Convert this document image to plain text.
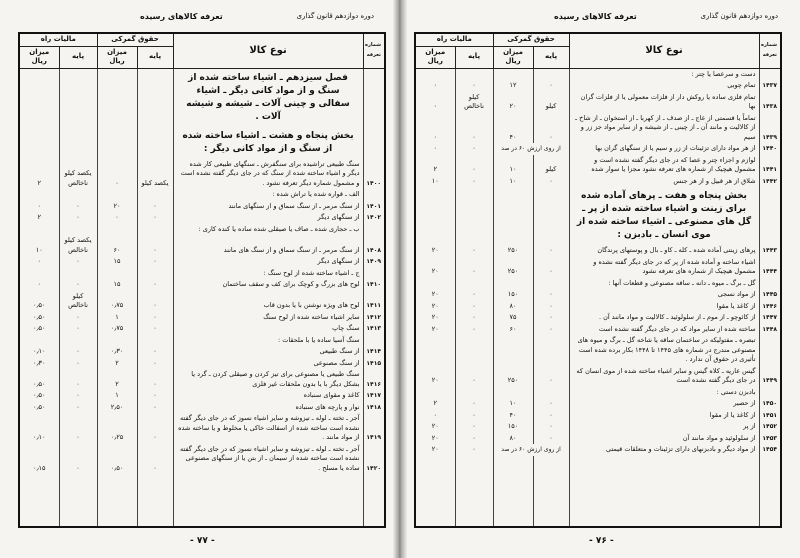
دوره دوازدهم قانون گذاری
تعرفه کالاهای رسیده
شماره تعرفه	نوع کالا	حقوق گمرکی		مالیات راه	
		پایه	میزان ریال	پایه	میزان ریال
	فصل سیزدهم ـ اشیاء ساخته شده از سنگ و از مواد کانی دیگر ـ اشیاء سفالی و چینی آلات ـ شیشه و شیشه آلات .				
	بخش پنجاه و هشت ـ اشیاء ساخته شده از سنگ و از مواد کانی دیگر :				
۱۴۰۰	سنگ طبیعی تراشیده برای سنگفرش ـ سنگهای طبیعی کار شده دیگر و اشیاء ساخته شده از سنگ که در جای دیگر گفته نشده است و مشمول شماره دیگر تعرفه نشود .	یکصد کیلو	۰	یکصد کیلو ناخالص	۲
	الف ـ قواره شده یا تراش شده :				
۱۴۰۱	از سنگ مرمر ـ از سنگ سماق و از سنگهای مانند	۰	۲۰	۰	۰
۱۴۰۲	از سنگهای دیگر	۰	۰	۰	۲
	ب ـ حجاری شده ـ صاف یا صیقلی شده ساده یا کنده کاری :				
۱۴۰۸	از سنگ مرمر ـ از سنگ سماق و از سنگ های مانند	۰	۶۰	یکصد کیلو ناخالص	۱۰
۱۴۰۹	از سنگهای دیگر	۰	۱۵	۰	۰
	ج ـ اشیاء ساخته شده از لوح سنگ :				
۱۴۱۰	لوح های بزرگ و کوچک برای کف و سقف ساختمان	۰	۱۵	۰	۰
۱۴۱۱	لوح های ویژه نوشتن با یا بدون قاب	۰	۰٫۷۵	کیلو ناخالص	۰٫۵۰
۱۴۱۲	سایر اشیاء ساخته شده از لوح سنگ	۰	۱	۰	۰٫۵۰
۱۴۱۳	سنگ چاپ	۰	۰٫۷۵	۰	۰٫۵۰
	سنگ آسیا ساده یا با ملحقات :				
۱۴۱۴	از سنگ طبیعی	۰	۰٫۳۰	۰	۰٫۱۰
۱۴۱۵	از سنگ مصنوعی	۰	۲	۰	۰٫۳۰
۱۴۱۶	سنگ طبیعی یا مصنوعی برای تیز کردن و صیقلی کردن ـ گرد یا بشکل دیگر با یا بدون ملحقات غیر فلزی	۰	۲	۰	۰٫۵۰
۱۴۱۷	کاغذ و مقوای سنباده	۰	۱	۰	۰٫۵۰
۱۴۱۸	نوار و پارچه های سنباده	۰	۲٫۵۰	۰	۰٫۵۰
۱۴۱۹	آجر ـ تخته ـ لوله ـ تیزوشه و سایر اشیاء نسوز که در جای دیگر گفته نشده است ساخته شده از اسفالت خاکی یا مخلوط و یا ساخته شده از مواد مانند .	۰	۰٫۲۵	۰	۰٫۱۰
۱۴۲۰	آجر ـ تخته ـ لوله ـ تیزوشه و سایر اشیاء نسوز که در جای دیگر گفته نشده است ساخته شده از سیمان ـ از بتن یا از سنگهای مصنوعی ساده یا مسلح .	۰	۰٫۵۰	۰	۰٫۱۵

- ۷۷ -
دوره دوازدهم قانون گذاری
تعرفه کالاهای رسیده
شماره تعرفه	نوع کالا	حقوق گمرکی		مالیات راه	
		پایه	میزان ریال	پایه	میزان ریال
	دست و سرعصا یا چتر :				
۱۴۳۷	تمام چوبی	۰	۱۲	۰	۰
۱۴۳۸	تمام فلزی ساده یا روکش دار از فلزات معمولی یا از فلزات گران بها	کیلو	۲۰	کیلو ناخالص	۰
۱۴۳۹	تماماً یا قسمتی از عاج ـ از صدف ـ از کهربا ـ از استخوان ـ از شاخ ـ از کالالیت و مانند آن ـ از چینی ـ از شیشه و از سایر مواد جز زر و سیم	۰	۴۰	۰	۰
۱۴۴۰	از هر مواد دارای تزئینات از زر و سیم یا از سنگهای گران بها	از روی ارزش ۶۰ در صد		۰	۰
۱۴۴۱	لوازم و اجزاء چتر و عصا که در جای دیگر گفته نشده است و مشمول هیچیک از شماره های تعرفه نشود مجزا یا سوار شده	کیلو	۱۰	۰	۲
۱۴۴۲	شلاق از هر قبیل و از هر جنس	۰	۱۰	۰	۱۰
	بخش پنجاه و هفت ـ پرهای آماده شده برای زینت و اشیاء ساخته شده از پر ـ گل های مصنوعی ـ اشیاء ساخته شده از موی انسان ـ بادبزن :				
۱۴۴۳	پرهای زینتی آماده شده ـ کله ـ کاو ـ بال و پوستهای پرندگان	۰	۲۵۰	۰	۲۰
۱۴۴۴	اشیاء ساخته و آماده شده از پر که در جای دیگر گفته نشده و مشمول هیچیک از شماره های تعرفه نشود	۰	۲۵۰	۰	۲۰
	گل ـ برگ ـ میوه ـ دانه ـ ساقه مصنوعی و قطعات آنها :				
۱۴۴۵	از مواد نسجی	۰	۱۵۰	۰	۲۰
۱۴۴۶	از کاغذ یا مقوا	۰	۸۰	۰	۲۰
۱۴۴۷	از کائوچو ـ از موم ـ از سلولوئید ـ کالالیت و مواد مانند آن .	۰	۷۵	۰	۲۰
۱۴۴۸	ساخته شده از سایر مواد که در جای دیگر گفته نشده است	۰	۶۰	۰	۲۰
	تبصره ـ مفتولیکه در ساختمان ساقه یا شاخه گل ـ برگ و میوه های مصنوعی مندرج در شماره های ۱۴۴۵ تا ۱۴۴۸ بکار برده شده است تأثیری در حقوق آن ندارد .				
۱۴۴۹	گیس عاریه ـ کلاه گیس و سایر اشیاء ساخته شده از موی انسان که در جای دیگر گفته نشده است	۰	۲۵۰	۰	۲۰
	بادبزن دستی :				
۱۴۵۰	از حصیر	۰	۱۰	۰	۲
۱۴۵۱	از کاغذ یا از مقوا	۰	۴۰	۰	۰
۱۴۵۲	از پر	۰	۱۵۰	۰	۲۰
۱۴۵۳	از سلولوئید و مواد مانند آن	۰	۸۰	۰	۲۰
۱۴۵۴	از مواد دیگر و بادبزنهای دارای تزئینات و متعلقات قیمتی	از روی ارزش ۶۰ در صد		۰	۲۰

- ۷۶ -
